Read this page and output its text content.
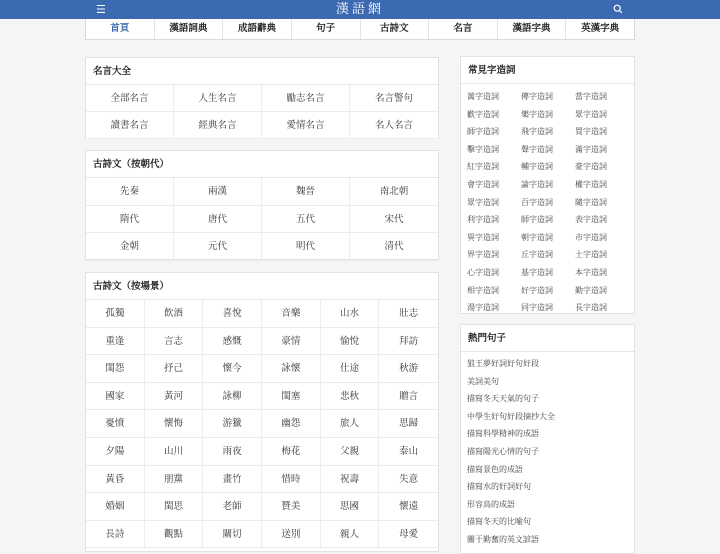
☰	漢語網
首頁	漢語詞典	成語辭典	句子	古詩文	名言	漢語字典	英漢字典
名言大全
全部名言	人生名言	勵志名言	名言警句
讀書名言	經典名言	愛情名言	名人名言
古詩文（按朝代）
先秦	兩漢	魏晉	南北朝
隋代	唐代	五代	宋代
金朝	元代	明代	清代
古詩文（按場景）
孤獨	飲酒	喜悅	音樂	山水	壯志
重逢	言志	感慨	豪情	愉悅	拜訪
閨怨	抒己	懷今	詠懷	仕途	秋游
國家	黃河	詠柳	閨塞	悲秋	贈言
憂憤	懷悔	游獵	幽怨	旅人	思歸
夕陽	山川	雨夜	梅花	父親	泰山
黃昏	朋黨	畫竹	惜時	祝壽	失意
婚姻	閨思	老師	贊美	思國	懷遠
長詩	觀點	關切	送別	親人	母愛
常見字造詞
萬字造詞	傳字造詞	當字造詞
歡字造詞	樂字造詞	眾字造詞
師字造詞	飛字造詞	買字造詞
擊字造詞	聲字造詞	滿字造詞
紅字造詞	輔字造詞	豪字造詞
會字造詞	論字造詞	權字造詞
眾字造詞	百字造詞	隨字造詞
利字造詞	師字造詞	表字造詞
異字造詞	朝字造詞	市字造詞
界字造詞	丘字造詞	土字造詞
心字造詞	基字造詞	本字造詞
相字造詞	好字造詞	勤字造詞
湯字造詞	同字造詞	長字造詞
熱門句子
狼王夢好詞好句好段
美詞美句
描寫冬天天氣的句子
中學生好句好段摘抄大全
描寫科學精神的成語
描寫陽光心情的句子
描寫景色的成語
描寫水的好詞好句
形容鳥的成語
描寫冬天的比喻句
關于勤奮的英文諺語
